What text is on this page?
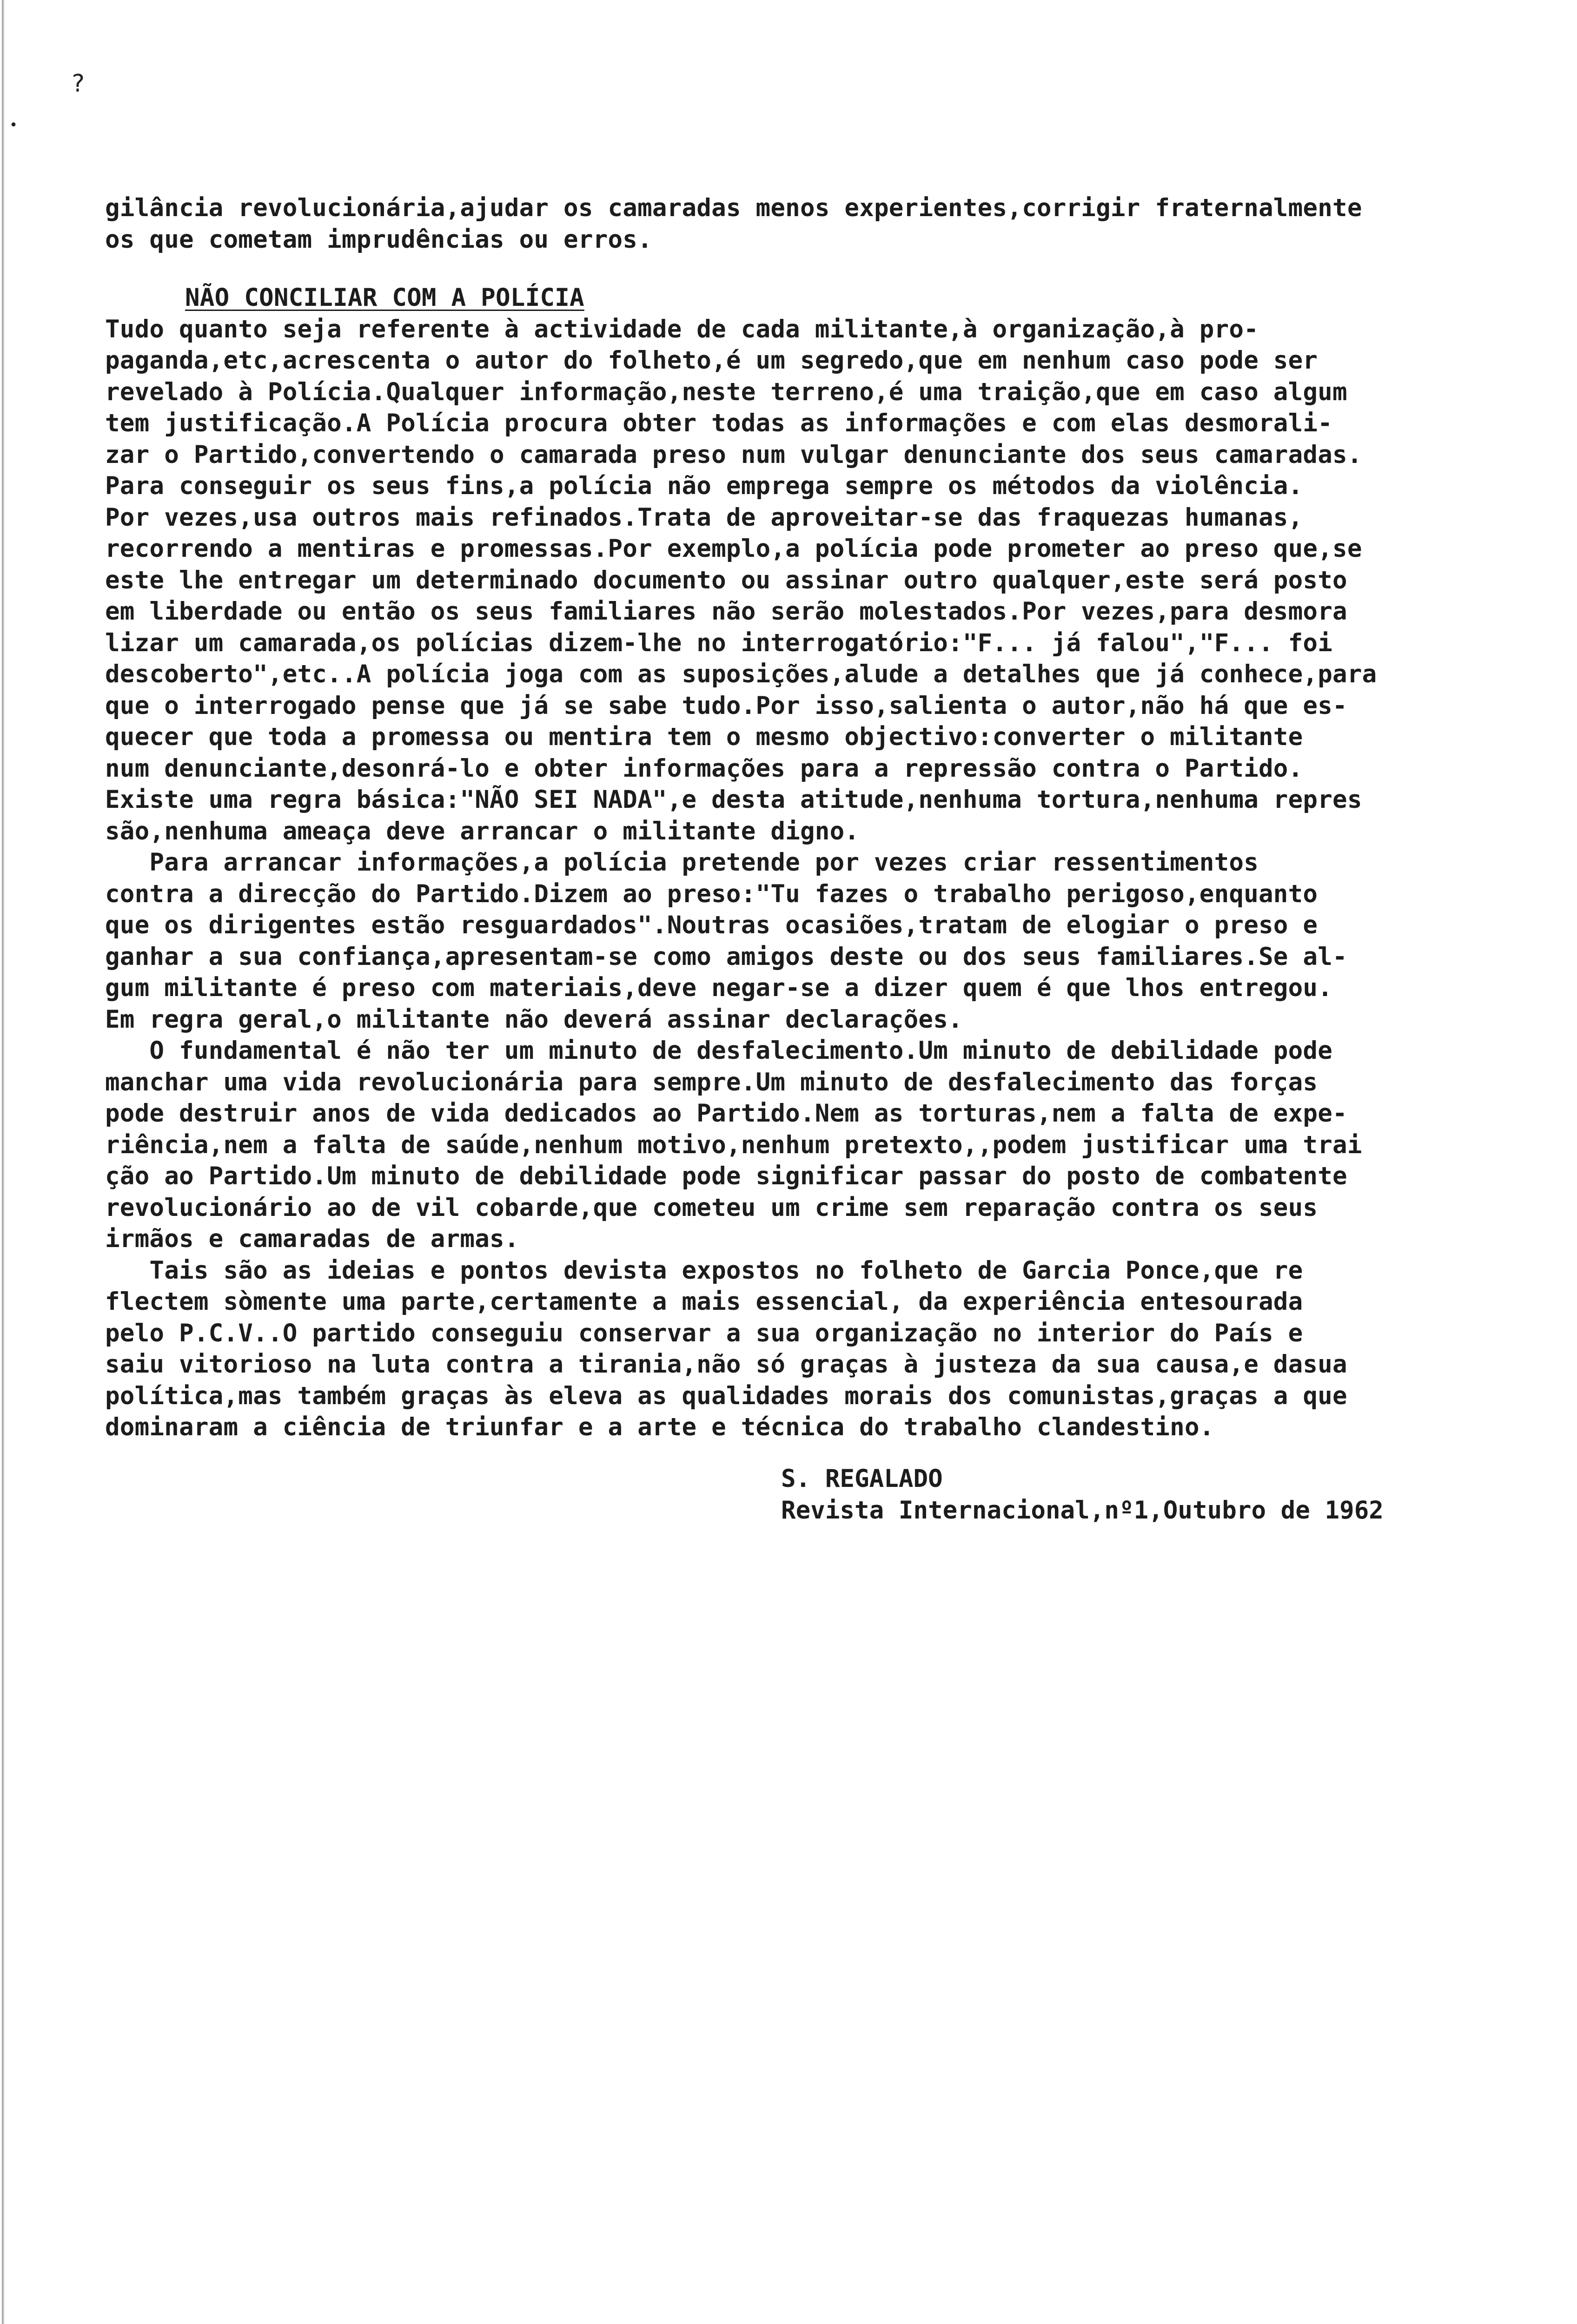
?
•
gilância revolucionária,ajudar os camaradas menos experientes,corrigir fraternalmente
os que cometam imprudências ou erros.
NÃO CONCILIAR COM A POLÍCIA
Tudo quanto seja referente à actividade de cada militante,à organização,à pro-
paganda,etc,acrescenta o autor do folheto,é um segredo,que em nenhum caso pode ser
revelado à Polícia.Qualquer informação,neste terreno,é uma traição,que em caso algum
tem justificação.A Polícia procura obter todas as informações e com elas desmorali-
zar o Partido,convertendo o camarada preso num vulgar denunciante dos seus camaradas.
Para conseguir os seus fins,a polícia não emprega sempre os métodos da violência.
Por vezes,usa outros mais refinados.Trata de aproveitar-se das fraquezas humanas,
recorrendo a mentiras e promessas.Por exemplo,a polícia pode prometer ao preso que,se
este lhe entregar um determinado documento ou assinar outro qualquer,este será posto
em liberdade ou então os seus familiares não serão molestados.Por vezes,para desmora
lizar um camarada,os polícias dizem-lhe no interrogatório:"F... já falou","F... foi
descoberto",etc..A polícia joga com as suposições,alude a detalhes que já conhece,para
que o interrogado pense que já se sabe tudo.Por isso,salienta o autor,não há que es-
quecer que toda a promessa ou mentira tem o mesmo objectivo:converter o militante
num denunciante,desonrá-lo e obter informações para a repressão contra o Partido.
Existe uma regra básica:"NÃO SEI NADA",e desta atitude,nenhuma tortura,nenhuma repres
são,nenhuma ameaça deve arrancar o militante digno.
Para arrancar informações,a polícia pretende por vezes criar ressentimentos
contra a direcção do Partido.Dizem ao preso:"Tu fazes o trabalho perigoso,enquanto
que os dirigentes estão resguardados".Noutras ocasiões,tratam de elogiar o preso e
ganhar a sua confiança,apresentam-se como amigos deste ou dos seus familiares.Se al-
gum militante é preso com materiais,deve negar-se a dizer quem é que lhos entregou.
Em regra geral,o militante não deverá assinar declarações.
O fundamental é não ter um minuto de desfalecimento.Um minuto de debilidade pode
manchar uma vida revolucionária para sempre.Um minuto de desfalecimento das forças
pode destruir anos de vida dedicados ao Partido.Nem as torturas,nem a falta de expe-
riência,nem a falta de saúde,nenhum motivo,nenhum pretexto,,podem justificar uma trai
ção ao Partido.Um minuto de debilidade pode significar passar do posto de combatente
revolucionário ao de vil cobarde,que cometeu um crime sem reparação contra os seus
irmãos e camaradas de armas.
Tais são as ideias e pontos devista expostos no folheto de Garcia Ponce,que re
flectem sòmente uma parte,certamente a mais essencial, da experiência entesourada
pelo P.C.V..O partido conseguiu conservar a sua organização no interior do País e
saiu vitorioso na luta contra a tirania,não só graças à justeza da sua causa,e dasua
política,mas também graças às eleva as qualidades morais dos comunistas,graças a que
dominaram a ciência de triunfar e a arte e técnica do trabalho clandestino.
S. REGALADO
Revista Internacional,nº1,Outubro de 1962
